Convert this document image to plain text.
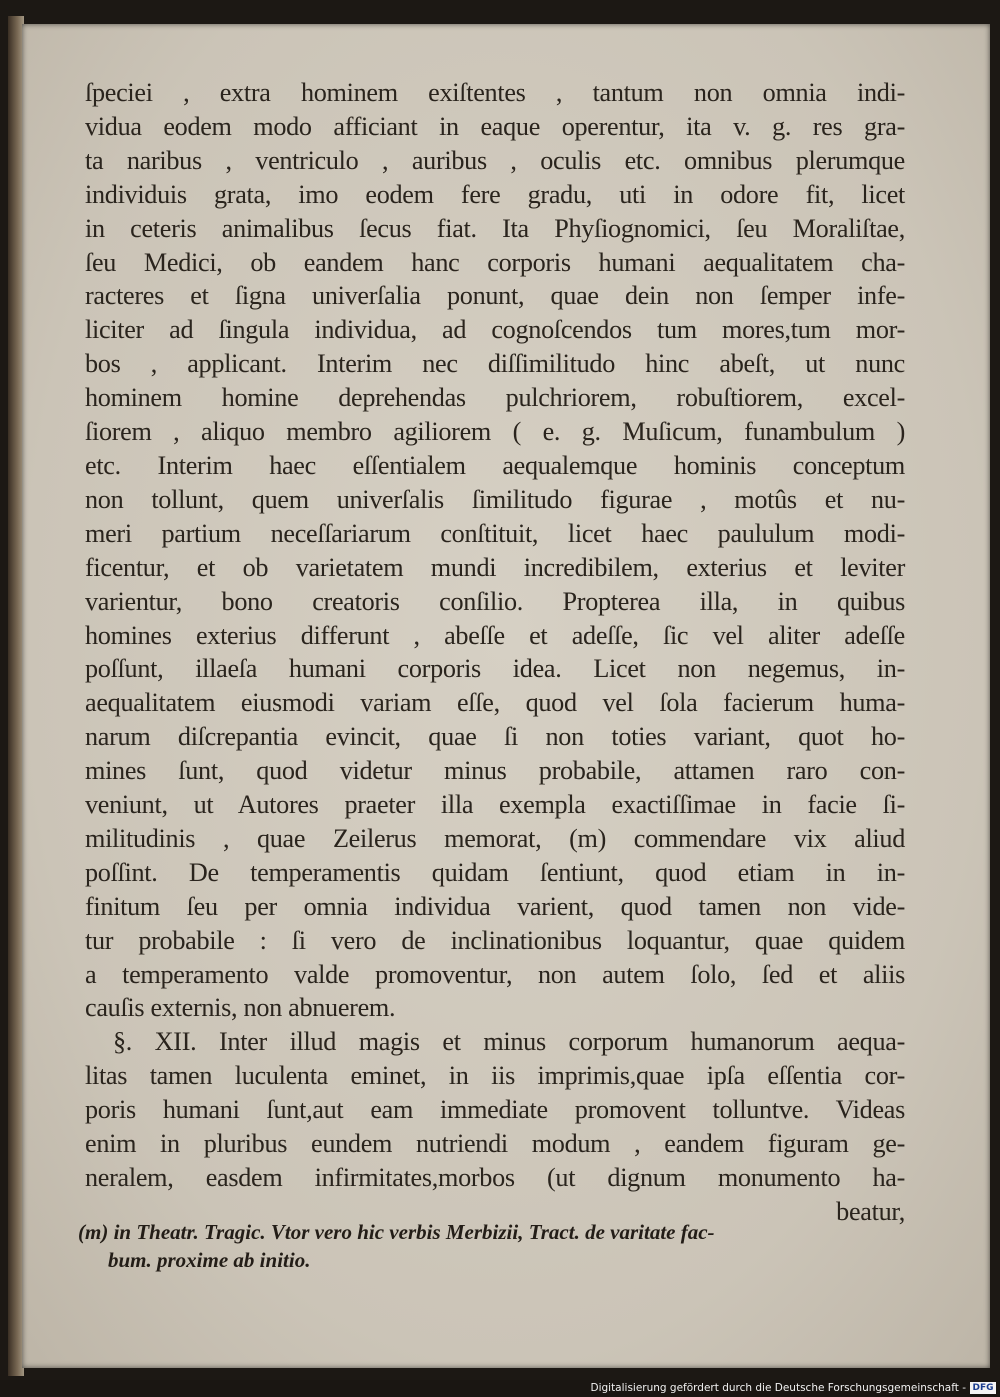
ſpeciei , extra hominem exiſtentes , tantum non omnia indi-
vidua eodem modo afficiant in eaque operentur, ita v. g. res gra-
ta naribus , ventriculo , auribus , oculis etc. omnibus plerumque
individuis grata, imo eodem fere gradu, uti in odore fit, licet
in ceteris animalibus ſecus fiat. Ita Phyſiognomici, ſeu Moraliſtae,
ſeu Medici, ob eandem hanc corporis humani aequalitatem cha-
racteres et ſigna univerſalia ponunt, quae dein non ſemper infe-
liciter ad ſingula individua, ad cognoſcendos tum mores,tum mor-
bos , applicant. Interim nec diſſimilitudo hinc abeſt, ut nunc
hominem homine deprehendas pulchriorem, robuſtiorem, excel-
ſiorem , aliquo membro agiliorem ( e. g. Muſicum, funambulum )
etc. Interim haec eſſentialem aequalemque hominis conceptum
non tollunt, quem univerſalis ſimilitudo figurae , motûs et nu-
meri partium neceſſariarum conſtituit, licet haec paululum modi-
ficentur, et ob varietatem mundi incredibilem, exterius et leviter
varientur, bono creatoris conſilio. Propterea illa, in quibus
homines exterius differunt , abeſſe et adeſſe, ſic vel aliter adeſſe
poſſunt, illaeſa humani corporis idea. Licet non negemus, in-
aequalitatem eiusmodi variam eſſe, quod vel ſola facierum huma-
narum diſcrepantia evincit, quae ſi non toties variant, quot ho-
mines ſunt, quod videtur minus probabile, attamen raro con-
veniunt, ut Autores praeter illa exempla exactiſſimae in facie ſi-
militudinis , quae Zeilerus memorat, (m) commendare vix aliud
poſſint. De temperamentis quidam ſentiunt, quod etiam in in-
finitum ſeu per omnia individua varient, quod tamen non vide-
tur probabile : ſi vero de inclinationibus loquantur, quae quidem
a temperamento valde promoventur, non autem ſolo, ſed et aliis
cauſis externis, non abnuerem.
§. XII. Inter illud magis et minus corporum humanorum aequa-
litas tamen luculenta eminet, in iis imprimis,quae ipſa eſſentia cor-
poris humani ſunt,aut eam immediate promovent tolluntve. Videas
enim in pluribus eundem nutriendi modum , eandem figuram ge-
neralem, easdem infirmitates,morbos (ut dignum monumento ha-
beatur,
(m) in Theatr. Tragic. Vtor vero hic verbis Merbizii, Tract. de varitate fac-
bum. proxime ab initio.
Digitalisierung gefördert durch die Deutsche Forschungsgemeinschaft - DFG
